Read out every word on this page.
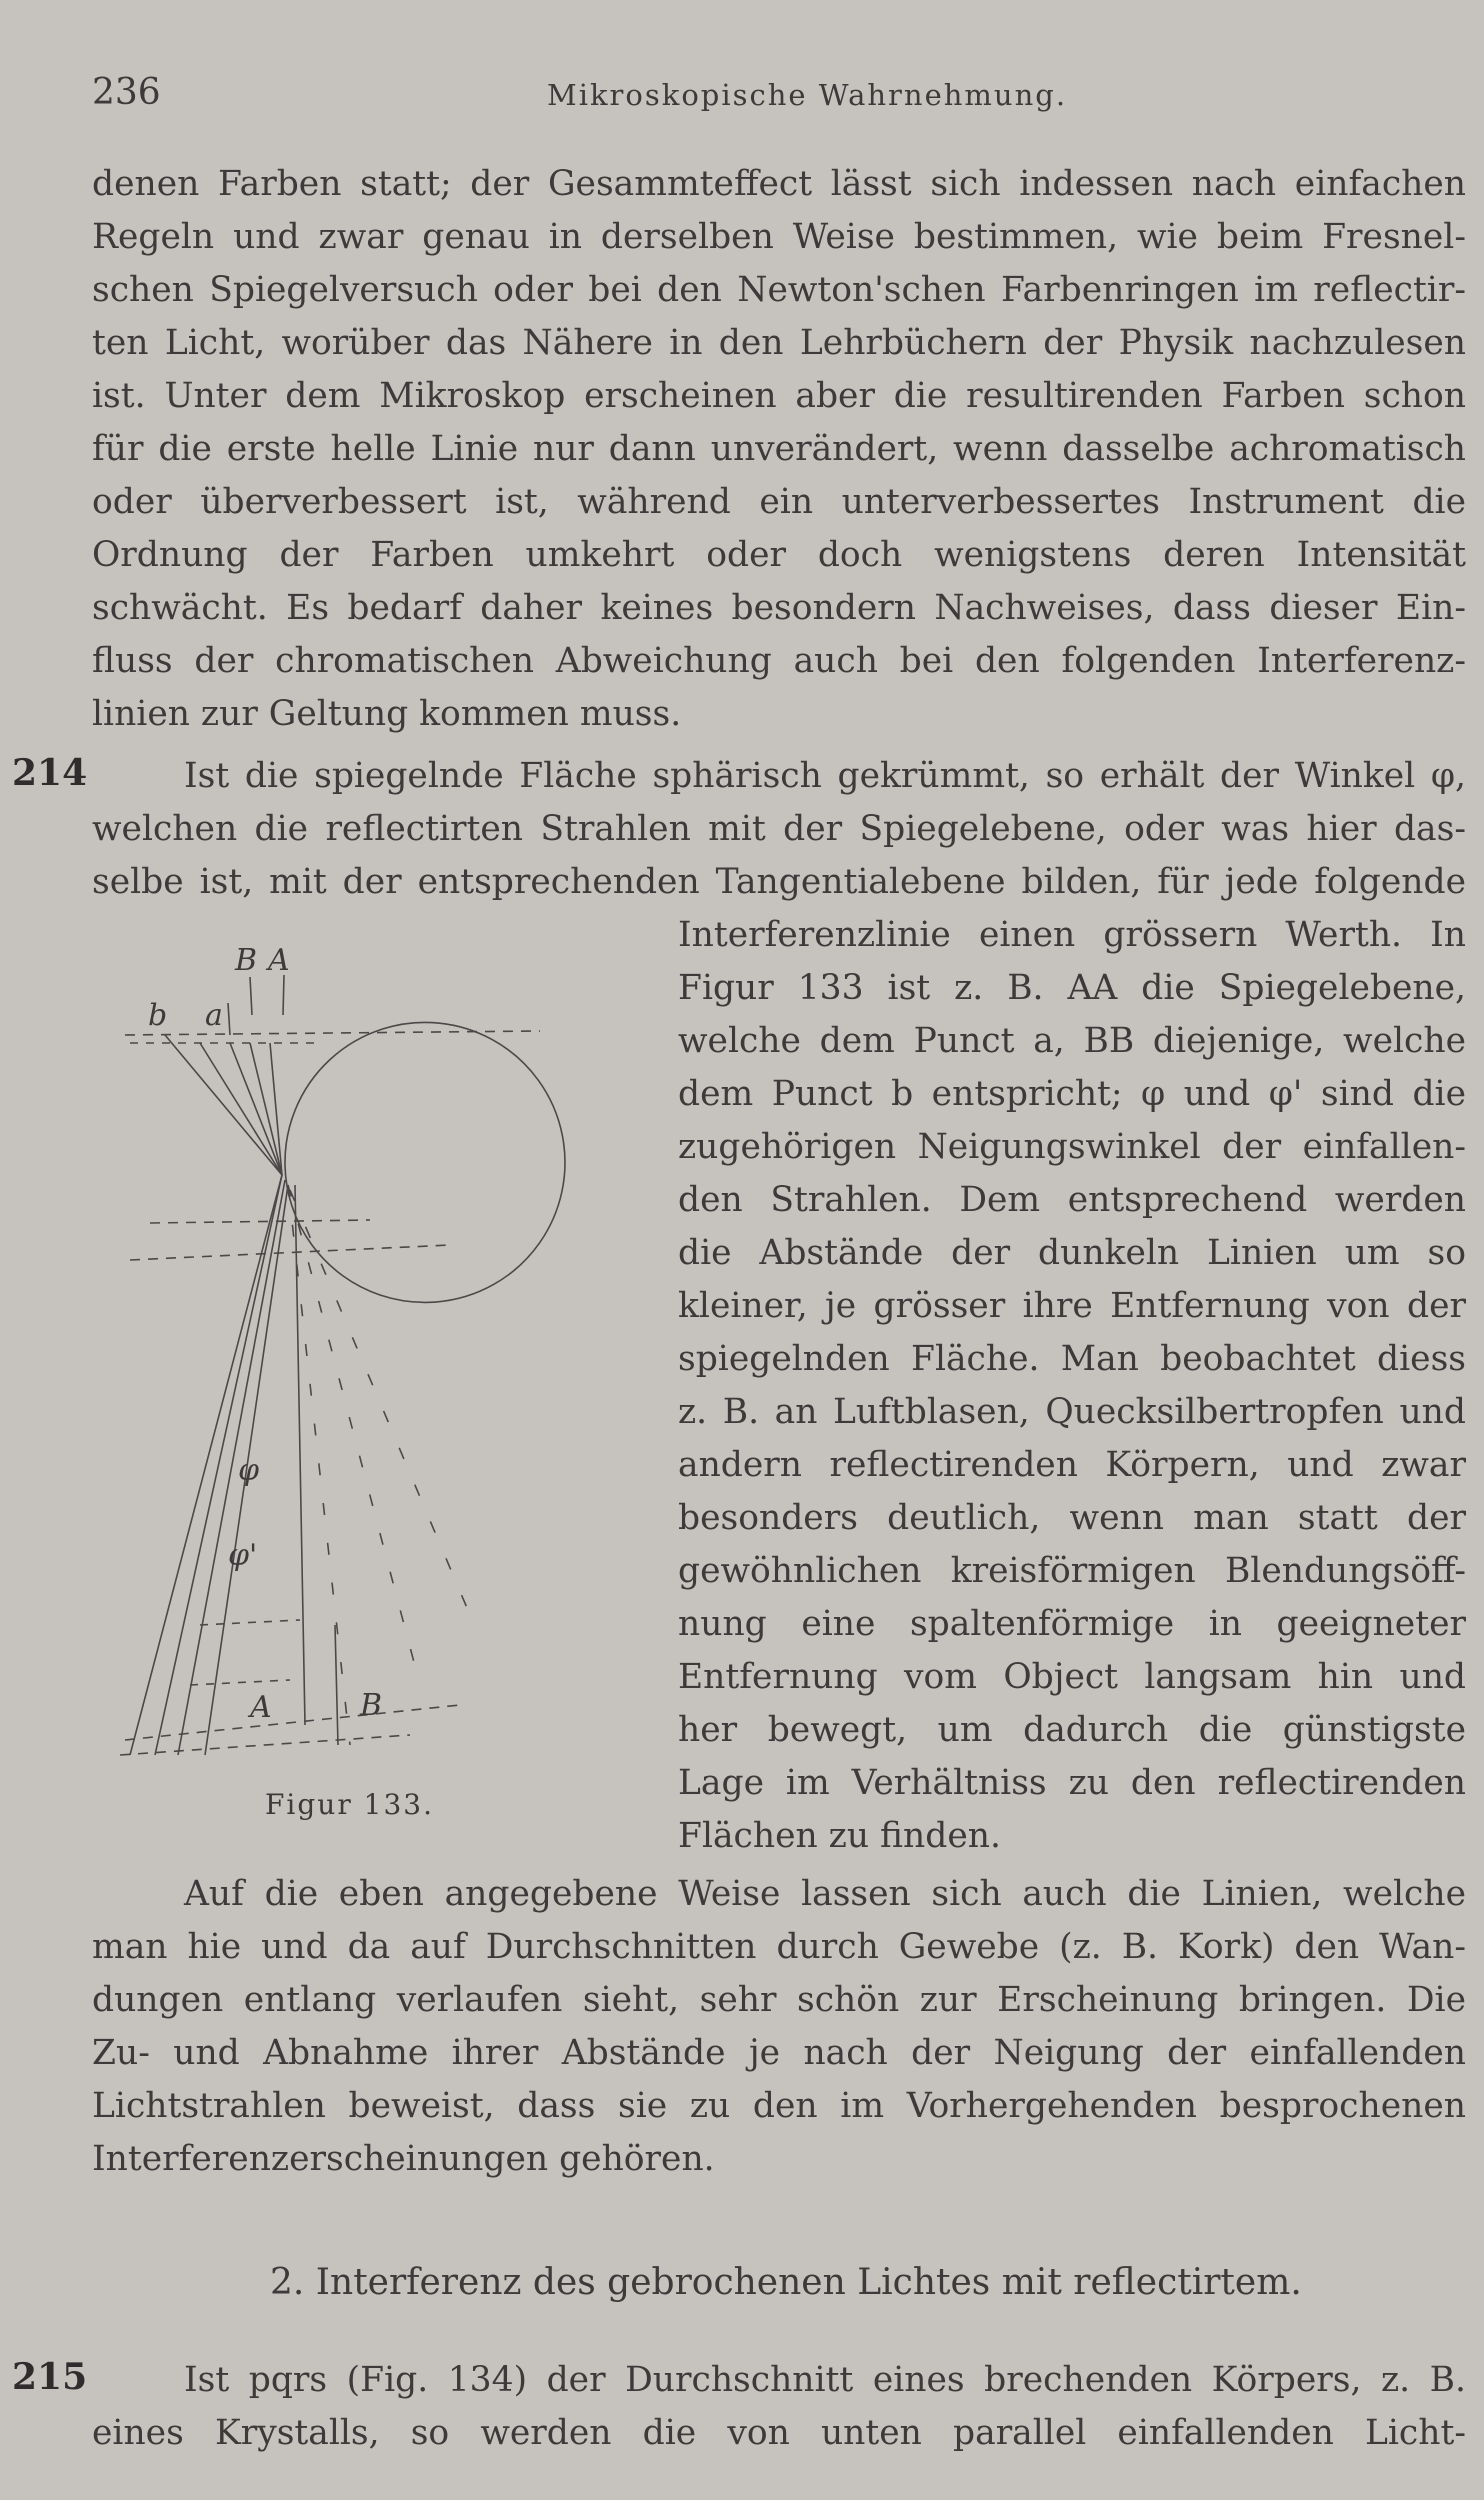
236	Mikroskopische Wahrnehmung.
denen Farben statt; der Gesammteffect lässt sich indessen nach einfachen
Regeln und zwar genau in derselben Weise bestimmen, wie beim Fresnel-
schen Spiegelversuch oder bei den Newton'schen Farbenringen im reflectir-
ten Licht, worüber das Nähere in den Lehrbüchern der Physik nachzulesen
ist. Unter dem Mikroskop erscheinen aber die resultirenden Farben schon
für die erste helle Linie nur dann unverändert, wenn dasselbe achromatisch
oder überverbessert ist, während ein unterverbessertes Instrument die
Ordnung der Farben umkehrt oder doch wenigstens deren Intensität
schwächt. Es bedarf daher keines besondern Nachweises, dass dieser Ein-
fluss der chromatischen Abweichung auch bei den folgenden Interferenz-
linien zur Geltung kommen muss.
214	Ist die spiegelnde Fläche sphärisch gekrümmt, so erhält der Winkel φ,
welchen die reflectirten Strahlen mit der Spiegelebene, oder was hier das-
selbe ist, mit der entsprechenden Tangentialebene bilden, für jede folgende
Interferenzlinie einen grössern Werth. In
Figur 133 ist z. B. AA die Spiegelebene,
welche dem Punct a, BB diejenige, welche
dem Punct b entspricht; φ und φ' sind die
zugehörigen Neigungswinkel der einfallen-
den Strahlen. Dem entsprechend werden
die Abstände der dunkeln Linien um so
kleiner, je grösser ihre Entfernung von der
spiegelnden Fläche. Man beobachtet diess
z. B. an Luftblasen, Quecksilbertropfen und
andern reflectirenden Körpern, und zwar
besonders deutlich, wenn man statt der
gewöhnlichen kreisförmigen Blendungsöff-
nung eine spaltenförmige in geeigneter
Entfernung vom Object langsam hin und
her bewegt, um dadurch die günstigste
Lage im Verhältniss zu den reflectirenden
Flächen zu finden.
B A
b a
φ
φ'
A	B
Figur 133.
Auf die eben angegebene Weise lassen sich auch die Linien, welche
man hie und da auf Durchschnitten durch Gewebe (z. B. Kork) den Wan-
dungen entlang verlaufen sieht, sehr schön zur Erscheinung bringen. Die
Zu- und Abnahme ihrer Abstände je nach der Neigung der einfallenden
Lichtstrahlen beweist, dass sie zu den im Vorhergehenden besprochenen
Interferenzerscheinungen gehören.
2. Interferenz des gebrochenen Lichtes mit reflectirtem.
215	Ist pqrs (Fig. 134) der Durchschnitt eines brechenden Körpers, z. B.
eines Krystalls, so werden die von unten parallel einfallenden Licht-
